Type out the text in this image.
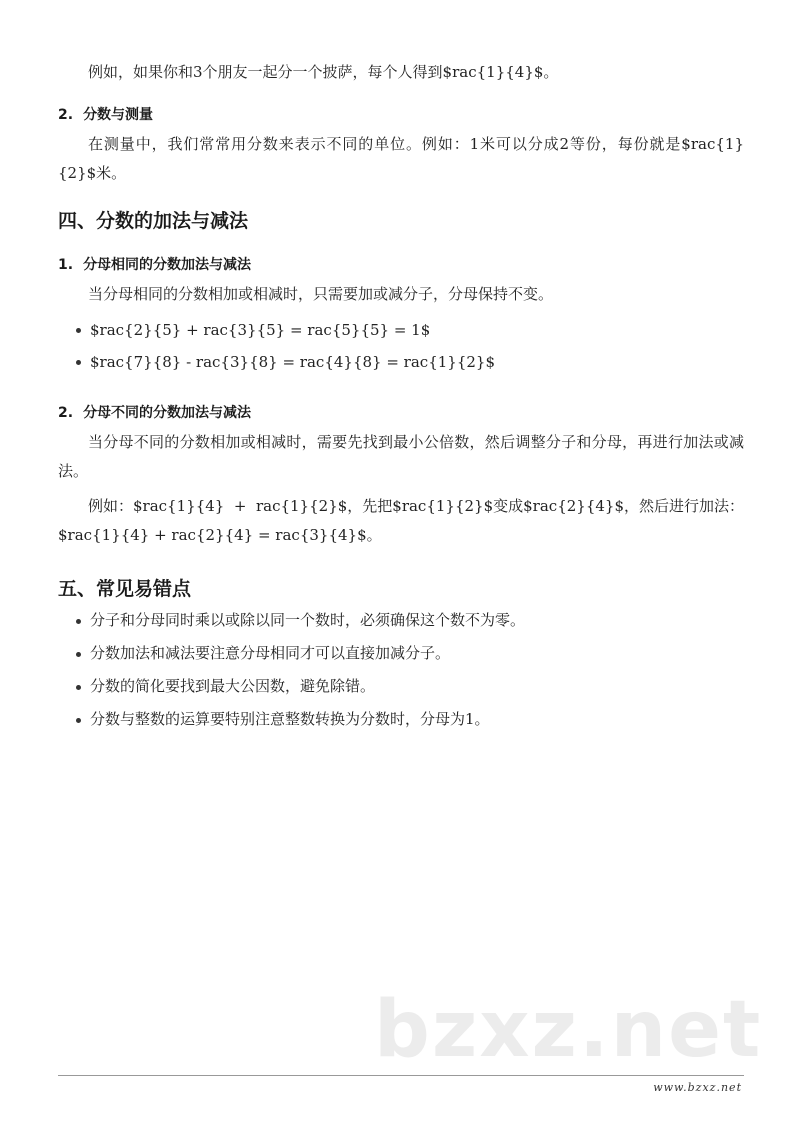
例如，如果你和3个朋友一起分一个披萨，每个人得到$rac{1}{4}$。

2. 分数与测量

在测量中，我们常常用分数来表示不同的单位。例如：1米可以分成2等份，每份就是$rac{1}{2}$米。

四、分数的加法与减法
1. 分母相同的分数加法与减法

当分母相同的分数相加或相减时，只需要加或减分子，分母保持不变。

$rac{2}{5} + rac{3}{5} = rac{5}{5} = 1$
$rac{7}{8} - rac{3}{8} = rac{4}{8} = rac{1}{2}$
2. 分母不同的分数加法与减法

当分母不同的分数相加或相减时，需要先找到最小公倍数，然后调整分子和分母，再进行加法或减法。

例如：$rac{1}{4}  +  rac{1}{2}$，先把$rac{1}{2}$变成$rac{2}{4}$，然后进行加法：$rac{1}{4} + rac{2}{4} = rac{3}{4}$。

五、常见易错点
分子和分母同时乘以或除以同一个数时，必须确保这个数不为零。
分数加法和减法要注意分母相同才可以直接加减分子。
分数的简化要找到最大公因数，避免除错。
分数与整数的运算要特别注意整数转换为分数时，分母为1。
bzxz.net
www.bzxz.net
